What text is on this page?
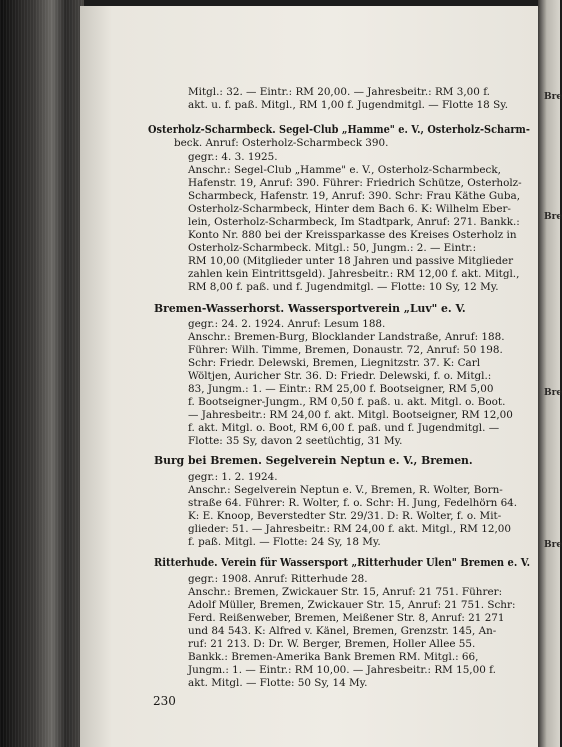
Mitgl.: 32. — Eintr.: RM 20,00. — Jahresbeitr.: RM 3,00 f.
akt. u. f. paß. Mitgl., RM 1,00 f. Jugendmitgl. — Flotte 18 Sy.
Osterholz-Scharmbeck. Segel-Club „Hamme" e. V., Osterholz-Scharm-
beck. Anruf: Osterholz-Scharmbeck 390.
gegr.: 4. 3. 1925.
Anschr.: Segel-Club „Hamme" e. V., Osterholz-Scharmbeck,
Hafenstr. 19, Anruf: 390. Führer: Friedrich Schütze, Osterholz-
Scharmbeck, Hafenstr. 19, Anruf: 390. Schr: Frau Käthe Guba,
Osterholz-Scharmbeck, Hinter dem Bach 6. K: Wilhelm Eber-
lein, Osterholz-Scharmbeck, Im Stadtpark, Anruf: 271. Bankk.:
Konto Nr. 880 bei der Kreissparkasse des Kreises Osterholz in
Osterholz-Scharmbeck. Mitgl.: 50, Jungm.: 2. — Eintr.:
RM 10,00 (Mitglieder unter 18 Jahren und passive Mitglieder
zahlen kein Eintrittsgeld). Jahresbeitr.: RM 12,00 f. akt. Mitgl.,
RM 8,00 f. paß. und f. Jugendmitgl. — Flotte: 10 Sy, 12 My.
Bremen-Wasserhorst. Wassersportverein „Luv" e. V.
gegr.: 24. 2. 1924. Anruf: Lesum 188.
Anschr.: Bremen-Burg, Blocklander Landstraße, Anruf: 188.
Führer: Wilh. Timme, Bremen, Donaustr. 72, Anruf: 50 198.
Schr: Friedr. Delewski, Bremen, Liegnitzstr. 37. K: Carl
Wöltjen, Auricher Str. 36. D: Friedr. Delewski, f. o. Mitgl.:
83, Jungm.: 1. — Eintr.: RM 25,00 f. Bootseigner, RM 5,00
f. Bootseigner-Jungm., RM 0,50 f. paß. u. akt. Mitgl. o. Boot.
— Jahresbeitr.: RM 24,00 f. akt. Mitgl. Bootseigner, RM 12,00
f. akt. Mitgl. o. Boot, RM 6,00 f. paß. und f. Jugendmitgl. —
Flotte: 35 Sy, davon 2 seetüchtig, 31 My.
Burg bei Bremen. Segelverein Neptun e. V., Bremen.
gegr.: 1. 2. 1924.
Anschr.: Segelverein Neptun e. V., Bremen, R. Wolter, Born-
straße 64. Führer: R. Wolter, f. o. Schr: H. Jung, Fedelhörn 64.
K: E. Knoop, Beverstedter Str. 29/31. D: R. Wolter, f. o. Mit-
glieder: 51. — Jahresbeitr.: RM 24,00 f. akt. Mitgl., RM 12,00
f. paß. Mitgl. — Flotte: 24 Sy, 18 My.
Ritterhude. Verein für Wassersport „Ritterhuder Ulen" Bremen e. V.
gegr.: 1908. Anruf: Ritterhude 28.
Anschr.: Bremen, Zwickauer Str. 15, Anruf: 21 751. Führer:
Adolf Müller, Bremen, Zwickauer Str. 15, Anruf: 21 751. Schr:
Ferd. Reißenweber, Bremen, Meißener Str. 8, Anruf: 21 271
und 84 543. K: Alfred v. Känel, Bremen, Grenzstr. 145, An-
ruf: 21 213. D: Dr. W. Berger, Bremen, Holler Allee 55.
Bankk.: Bremen-Amerika Bank Bremen RM. Mitgl.: 66,
Jungm.: 1. — Eintr.: RM 10,00. — Jahresbeitr.: RM 15,00 f.
akt. Mitgl. — Flotte: 50 Sy, 14 My.
230
Bre
Bre
Bre
Bre
